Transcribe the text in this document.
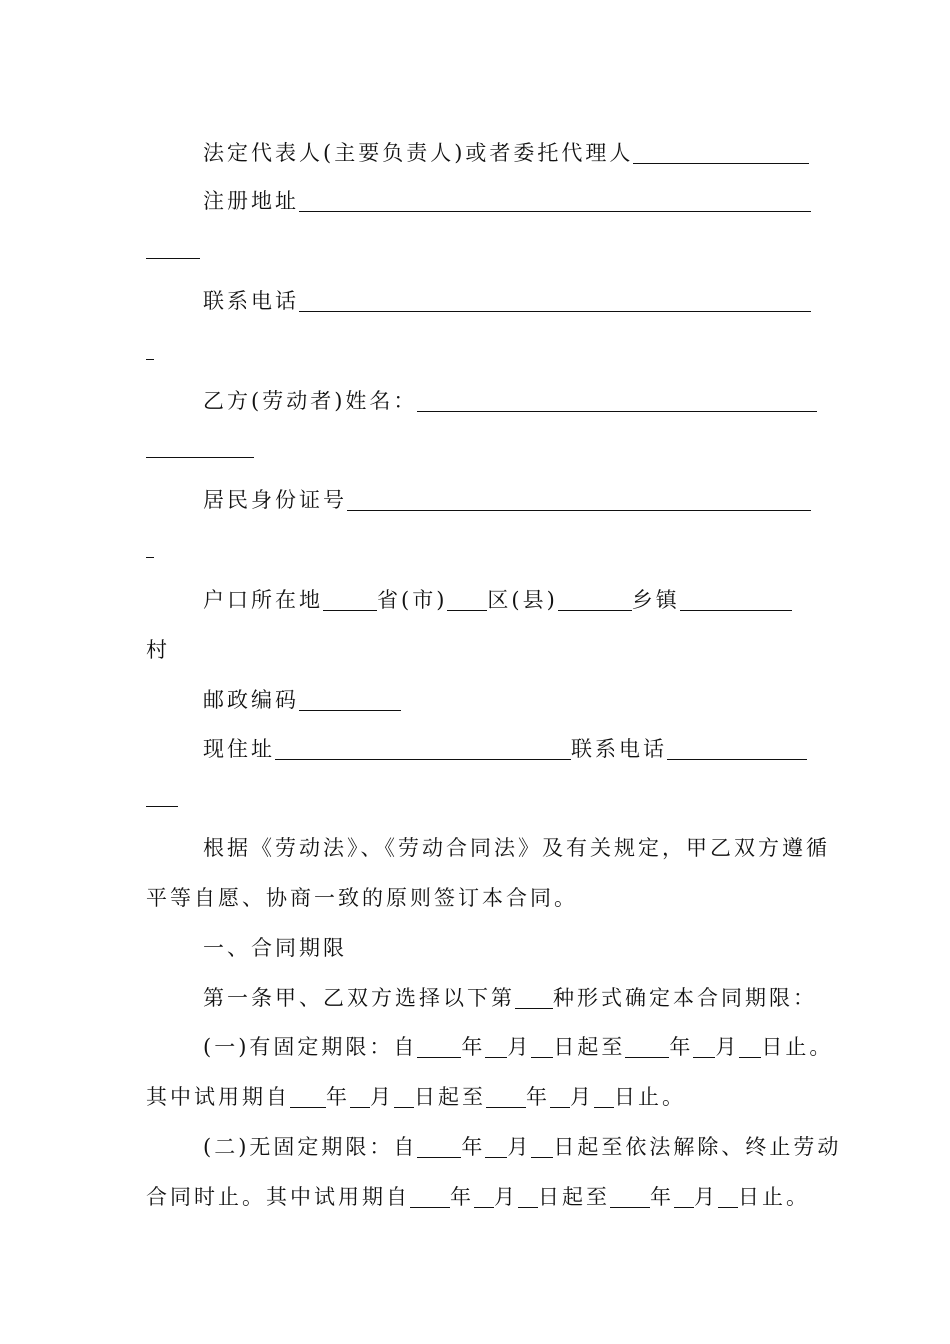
法定代表人(主要负责人)或者委托代理人
注册地址
联系电话
乙方(劳动者)姓名：
居民身份证号
户口所在地	省(市) 区(县)	乡镇
村
邮政编码
现住址	联系电话
根据《劳动法》、《劳动合同法》及有关规定，甲乙双方遵循
平等自愿、协商一致的原则签订本合同。
一、合同期限
第一条甲、乙双方选择以下第 种形式确定本合同期限：
(一)有固定期限：自 年 月 日起至 年 月 日止。
其中试用期自 年 月 日起至 年 月 日止。
(二)无固定期限：自 年 月 日起至依法解除、终止劳动
合同时止。其中试用期自 年 月 日起至 年 月 日止。
